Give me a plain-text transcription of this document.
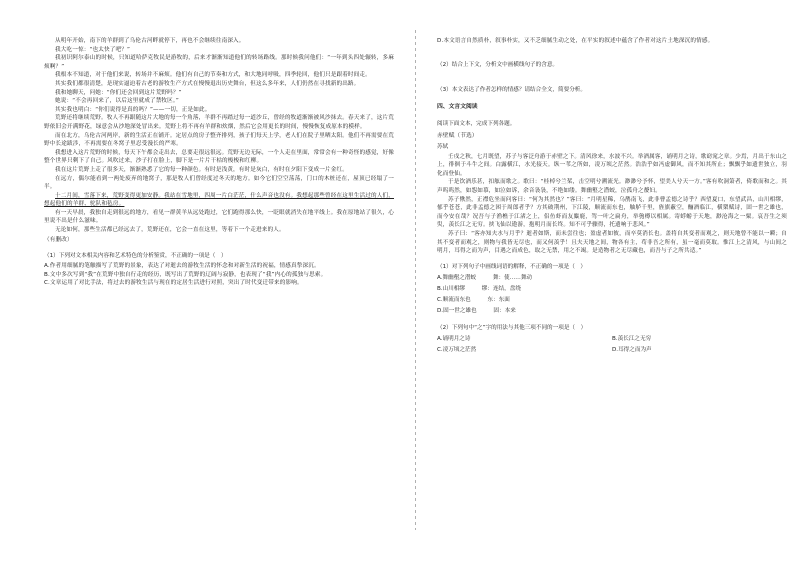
从明年开始，南下的羊群到了乌伦古河畔就停下，再也不会继续往南深入。

我大吃一惊：“也太快了吧？”

我初识阿尔泰山的时候，只知道哈萨克牧民是游牧的，后来才渐渐知道他们的转场路线。那时候我问他们：“一年到头四处辗转，多麻烦啊？”

我根本不知道，对于他们来说，转场并不麻烦。他们有自己的节奏和方式，和大地同呼吸，四季轮回，他们只是跟着时间走。

其实我们都很清楚，是现实逼迫着古老的游牧生产方式在慢慢退出历史舞台，但这么多年来，人们仍然在寻找新的出路。

我和她聊天，问她：“你们还会回到这片荒野吗？”

她说：“不会再回来了，以后这里就成了禁牧区。”

其实我也明白：“你们说得是真的吗？”——一切，正是如此。

荒野还将继续荒野。牧人不再跟随这片大地的每一个角落，羊群不再踏过每一道沙丘，曾经的牧道渐渐被风沙抹去。春天来了，这片荒野依旧会开满野花，绿意会从沙地深处冒出来。荒野上将不再有羊群和炊烟，然后它会用更长的时间，慢慢恢复成原本的模样。

而在北方，乌伦古河两岸，新的生活正在铺开。定居点的房子整齐排列，孩子们每天上学，老人们在院子里晒太阳。他们不再需要在荒野中长途跋涉，不再需要在冬窝子里忍受漫长的严寒。

我想进入这片荒野的时候，每天下午都会走出去，总要走很远很远。荒野无边无际，一个人走在里面，常常会有一种奇怪的感觉，好像整个世界只剩下了自己。风吹过来，沙子打在脸上，脚下是一片片干枯的梭梭和红柳。

我在这片荒野上走了很多天，渐渐熟悉了它的每一种颜色。有时是浅黄，有时是灰白，有时在夕阳下变成一片金红。

在远方，偶尔能看到一两处废弃的地窝子，那是牧人们曾经度过冬天的地方。如今它们空空荡荡，门口的木桩还在，屋顶已经塌了一半。

十二月间，雪落下来，荒野变得更加安静。我站在雪地里，四周一片白茫茫，什么声音也没有。我想起那些曾经在这里生活过的人们，想起他们的羊群、驼队和毡房。

有一天早晨，我独自走到很远的地方，看见一群黄羊从远处跑过，它们跑得那么快，一眨眼就消失在地平线上。我在原地站了很久，心里说不出是什么滋味。

无论如何，那些生活都已经远去了，荒野还在，它会一直在这里，等着下一个走进来的人。

（有删改）

（1）下列对文本相关内容和艺术特色的分析鉴赏，不正确的一项是（　）

A.作者用细腻的笔触描写了荒野的景象，表达了对逝去的游牧生活的怀念和对新生活的祝福，情感真挚深沉。

B.文中多次写到“我”在荒野中独自行走的经历，既写出了荒野的辽阔与寂静，也表现了“我”内心的孤独与思索。

C.文章运用了对比手法，将过去的游牧生活与现在的定居生活进行对照，突出了时代变迁带来的影响。

D.本文语言自然质朴，叙事朴实，又不乏细腻生动之处，在平实的叙述中蕴含了作者对这片土地深沉的情感。

（2）结合上下文，分析文中画横线句子的含意。

（3）本文表达了作者怎样的情感？请结合全文，简要分析。

四、文言文阅读

阅读下面文本，完成下列各题。

赤壁赋（节选）

苏轼

壬戌之秋，七月既望，苏子与客泛舟游于赤壁之下。清风徐来，水波不兴。举酒属客，诵明月之诗，歌窈窕之章。少焉，月出于东山之上，徘徊于斗牛之间。白露横江，水光接天。纵一苇之所如，凌万顷之茫然。浩浩乎如冯虚御风，而不知其所止；飘飘乎如遗世独立，羽化而登仙。

于是饮酒乐甚，扣舷而歌之。歌曰：“桂棹兮兰桨，击空明兮溯流光。渺渺兮予怀，望美人兮天一方。”客有吹洞箫者，倚歌而和之。其声呜呜然，如怨如慕，如泣如诉，余音袅袅，不绝如缕。舞幽壑之潜蛟，泣孤舟之嫠妇。

苏子愀然，正襟危坐而问客曰：“何为其然也？”客曰：“月明星稀，乌鹊南飞，此非曹孟德之诗乎？西望夏口，东望武昌，山川相缪，郁乎苍苍，此非孟德之困于周郎者乎？方其破荆州，下江陵，顺流而东也，舳舻千里，旌旗蔽空，酾酒临江，横槊赋诗，固一世之雄也，而今安在哉？况吾与子渔樵于江渚之上，侣鱼虾而友麋鹿，驾一叶之扁舟，举匏樽以相属。寄蜉蝣于天地，渺沧海之一粟。哀吾生之须臾，羡长江之无穷。挟飞仙以遨游，抱明月而长终。知不可乎骤得，托遗响于悲风。”

苏子曰：“客亦知夫水与月乎？逝者如斯，而未尝往也；盈虚者如彼，而卒莫消长也。盖将自其变者而观之，则天地曾不能以一瞬；自其不变者而观之，则物与我皆无尽也，而又何羡乎！且夫天地之间，物各有主，苟非吾之所有，虽一毫而莫取。惟江上之清风，与山间之明月，耳得之而为声，目遇之而成色，取之无禁，用之不竭。是造物者之无尽藏也，而吾与子之所共适。”

（1）对下列句子中画线词语的解释，不正确的一项是（　）

A.舞幽壑之潜蛟　　　舞：使……舞动
B.山川相缪　　　缪：连结，盘绕
C.顺流而东也　　　东：东面
D.固一世之雄也　　　固：本来

（2）下列句中“之”字的用法与其他三项不同的一项是（　）

A.诵明月之诗	B.羡长江之无穷
C.凌万顷之茫然	D.耳得之而为声
